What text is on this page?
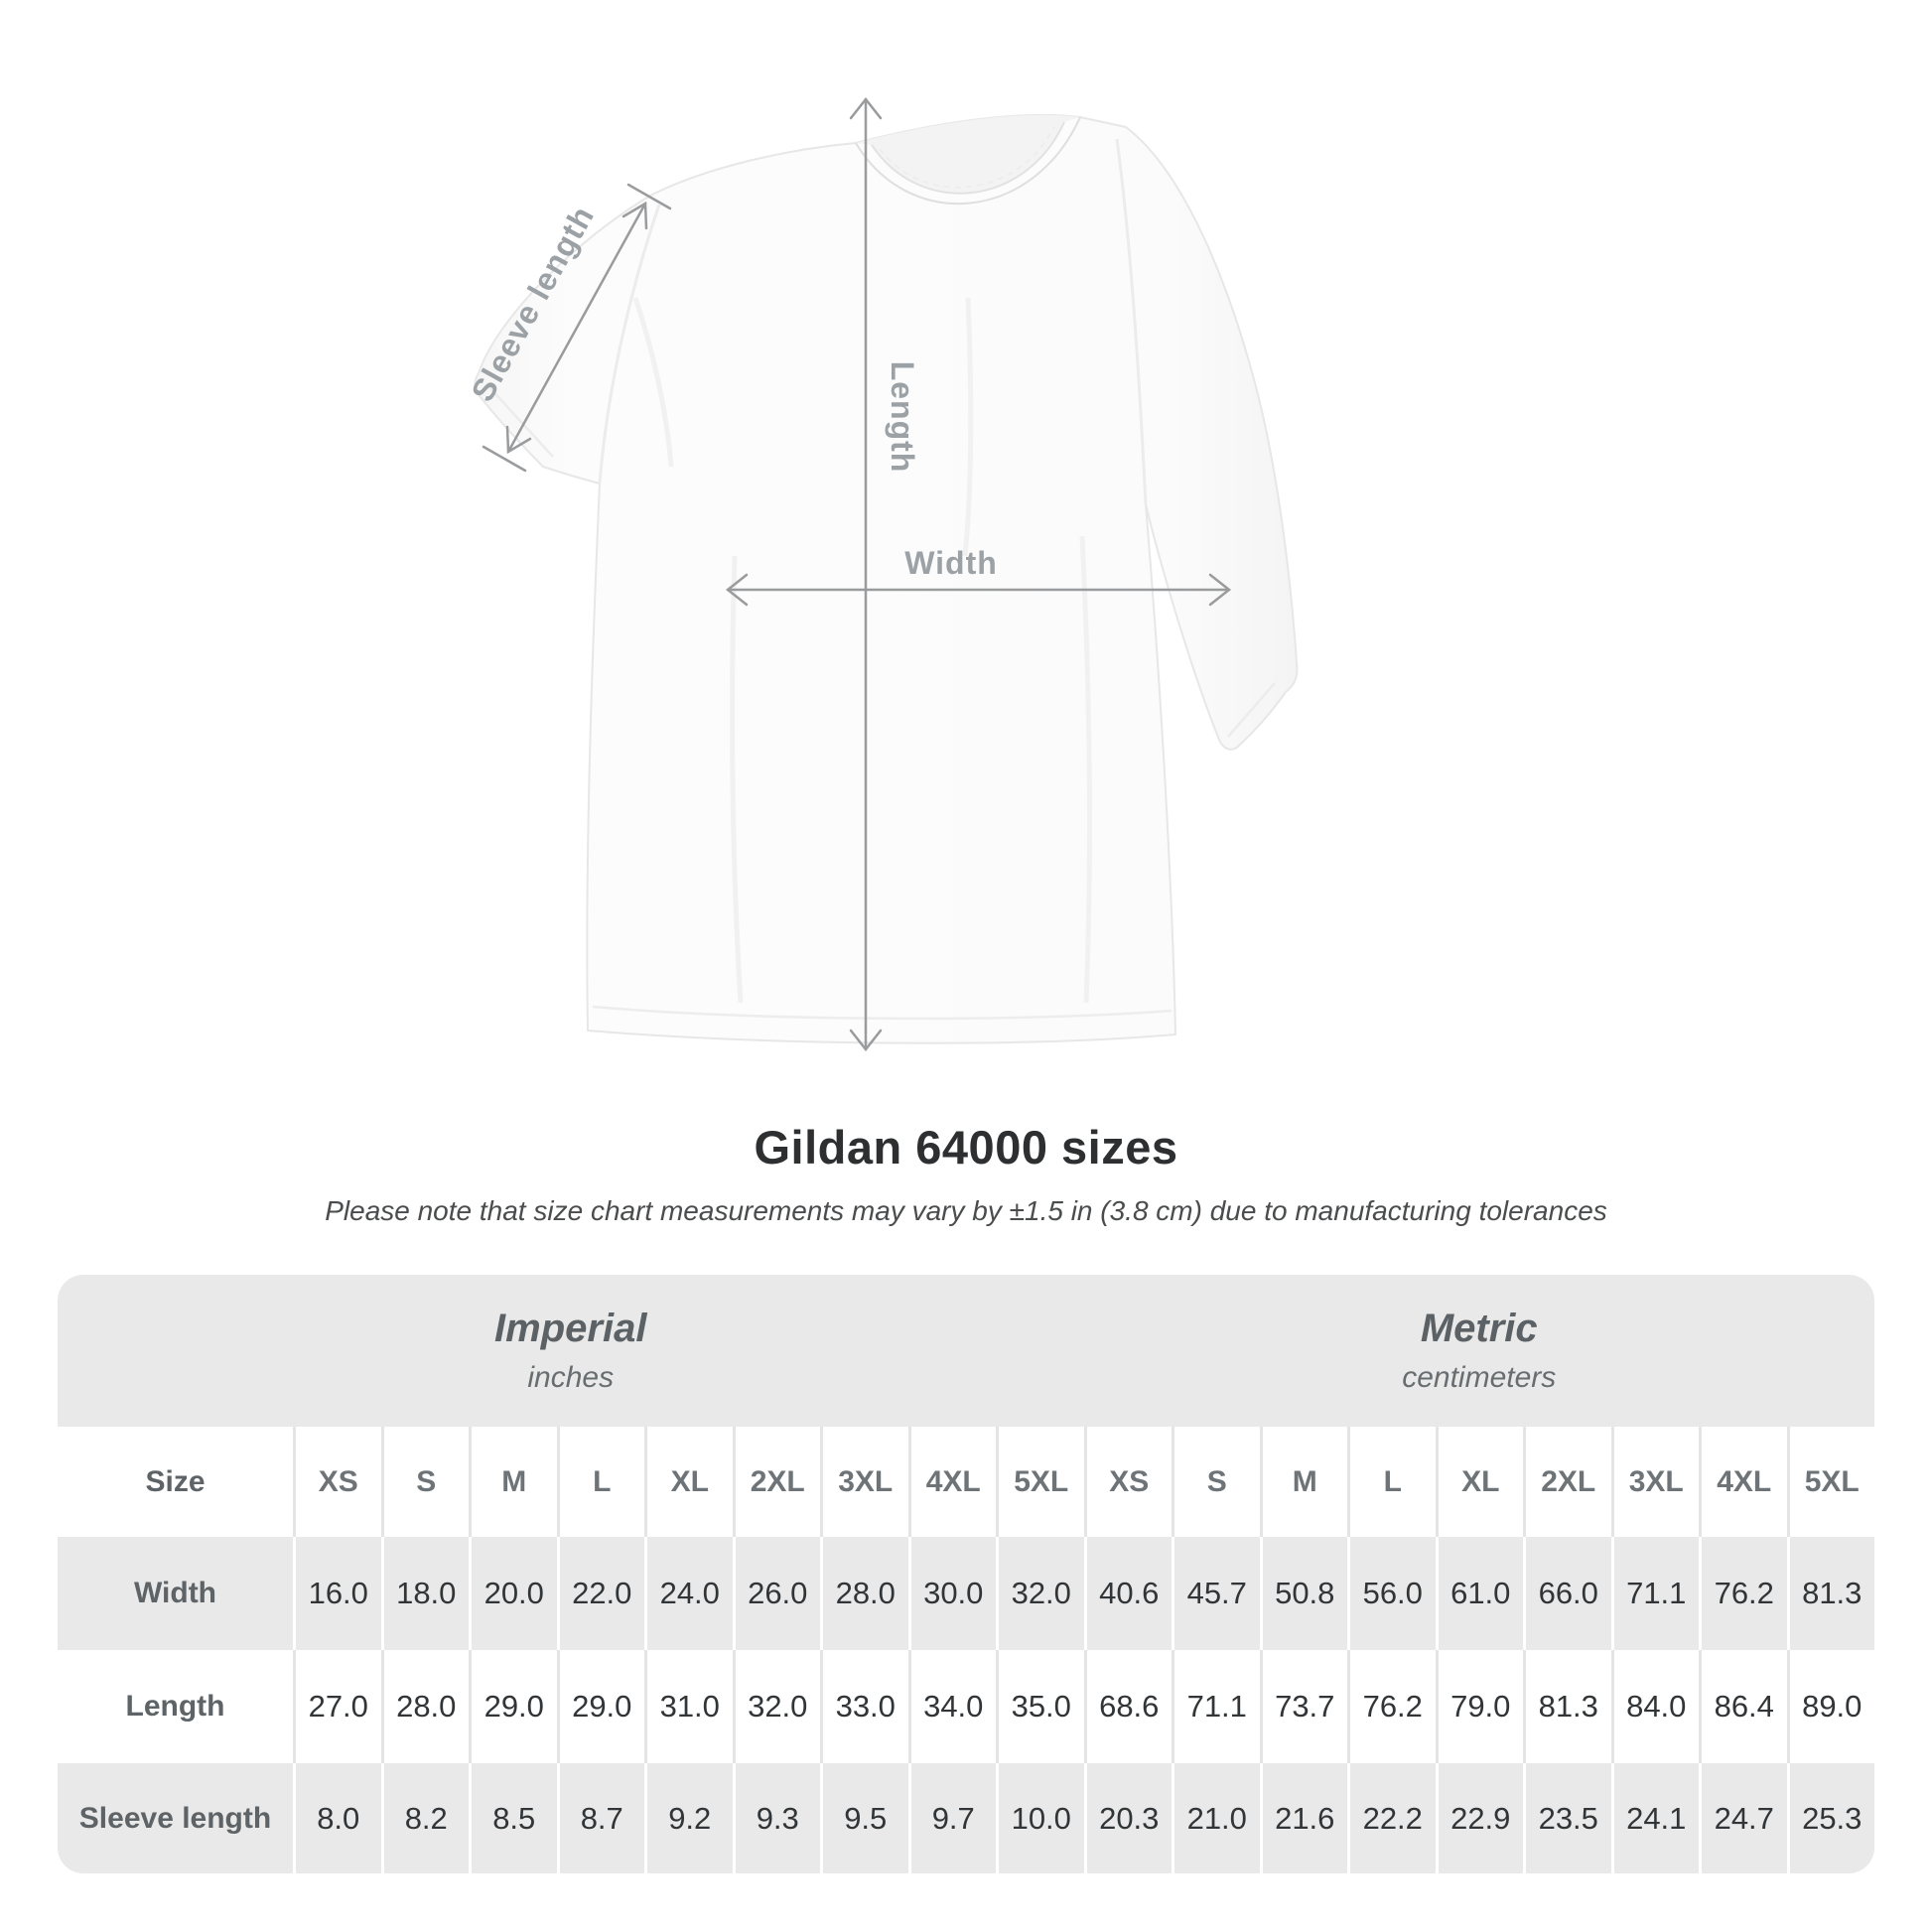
Sleeve length
Length
Width
Gildan 64000 sizes

Please note that size chart measurements may vary by ±1.5 in (3.8 cm) due to manufacturing tolerances

Imperial
inches
Metric
centimeters
Size	XS	S	M	L	XL	2XL	3XL	4XL	5XL	XS	S	M	L	XL	2XL	3XL	4XL	5XL
Width	16.0 18.0 20.0 22.0 24.0 26.0 28.0 30.0 32.0 40.6 45.7 50.8 56.0 61.0 66.0 71.1 76.2 81.3
Length	27.0 28.0 29.0 29.0 31.0 32.0 33.0 34.0 35.0 68.6 71.1 73.7 76.2 79.0 81.3 84.0 86.4 89.0
Sleeve length	8.0	8.2	8.5	8.7	9.2	9.3	9.5	9.7	10.0 20.3 21.0 21.6 22.2 22.9 23.5 24.1 24.7 25.3
